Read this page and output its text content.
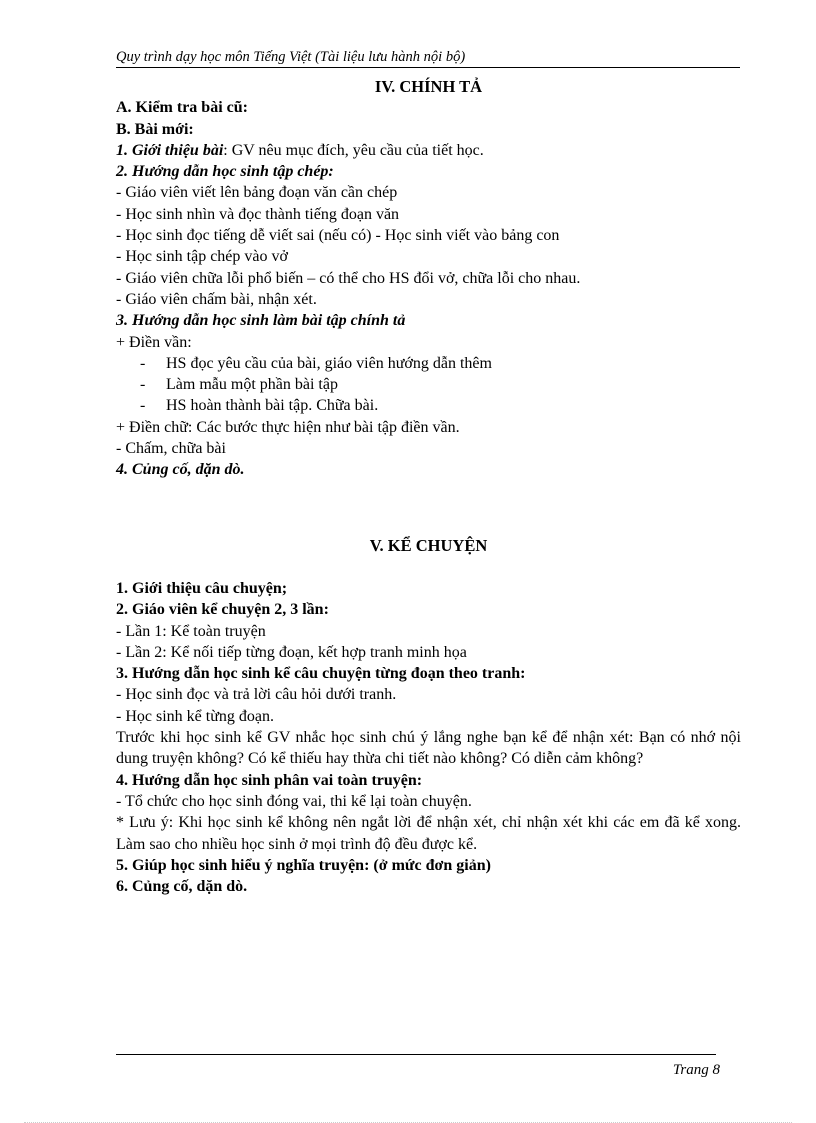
Quy trình dạy học môn Tiếng Việt (Tài liệu lưu hành nội bộ)
IV. CHÍNH TẢ
A. Kiểm tra bài cũ:
B. Bài mới:
1. Giới thiệu bài: GV nêu mục đích, yêu cầu của tiết học.
2. Hướng dẫn học sinh tập chép:
- Giáo viên viết lên bảng đoạn văn cần chép
- Học sinh nhìn và đọc thành tiếng đoạn văn
- Học sinh đọc tiếng dễ viết sai (nếu có) - Học sinh viết vào bảng con
- Học sinh tập chép vào vở
- Giáo viên chữa lỗi phổ biến – có thể cho HS đổi vở, chữa lỗi cho nhau.
- Giáo viên chấm bài, nhận xét.
3. Hướng dẫn học sinh làm bài tập chính tả
+ Điền vần:
- HS đọc yêu cầu của bài, giáo viên hướng dẫn thêm
- Làm mẫu một phần bài tập
- HS hoàn thành bài tập. Chữa bài.
+ Điền chữ: Các bước thực hiện như bài tập điền vần.
- Chấm, chữa bài
4. Củng cố, dặn dò.
V. KỂ CHUYỆN
1. Giới thiệu câu chuyện;
2. Giáo viên kể chuyện 2, 3 lần:
- Lần 1: Kể toàn truyện
- Lần 2: Kể nối tiếp từng đoạn, kết hợp tranh minh họa
3. Hướng dẫn học sinh kể câu chuyện từng đoạn theo tranh:
- Học sinh đọc và trả lời câu hỏi dưới tranh.
- Học sinh kể từng đoạn.
Trước khi học sinh kể GV nhắc học sinh chú ý lắng nghe bạn kể để nhận xét: Bạn có nhớ nội dung truyện không? Có kể thiếu hay thừa chi tiết nào không? Có diễn cảm không?
4. Hướng dẫn học sinh phân vai toàn truyện:
- Tổ chức cho học sinh đóng vai, thi kể lại toàn chuyện.
* Lưu ý: Khi học sinh kể không nên ngắt lời để nhận xét, chỉ nhận xét khi các em đã kể xong. Làm sao cho nhiều học sinh ở mọi trình độ đều được kể.
5. Giúp học sinh hiểu ý nghĩa truyện: (ở mức đơn giản)
6. Củng cố, dặn dò.
Trang 8
